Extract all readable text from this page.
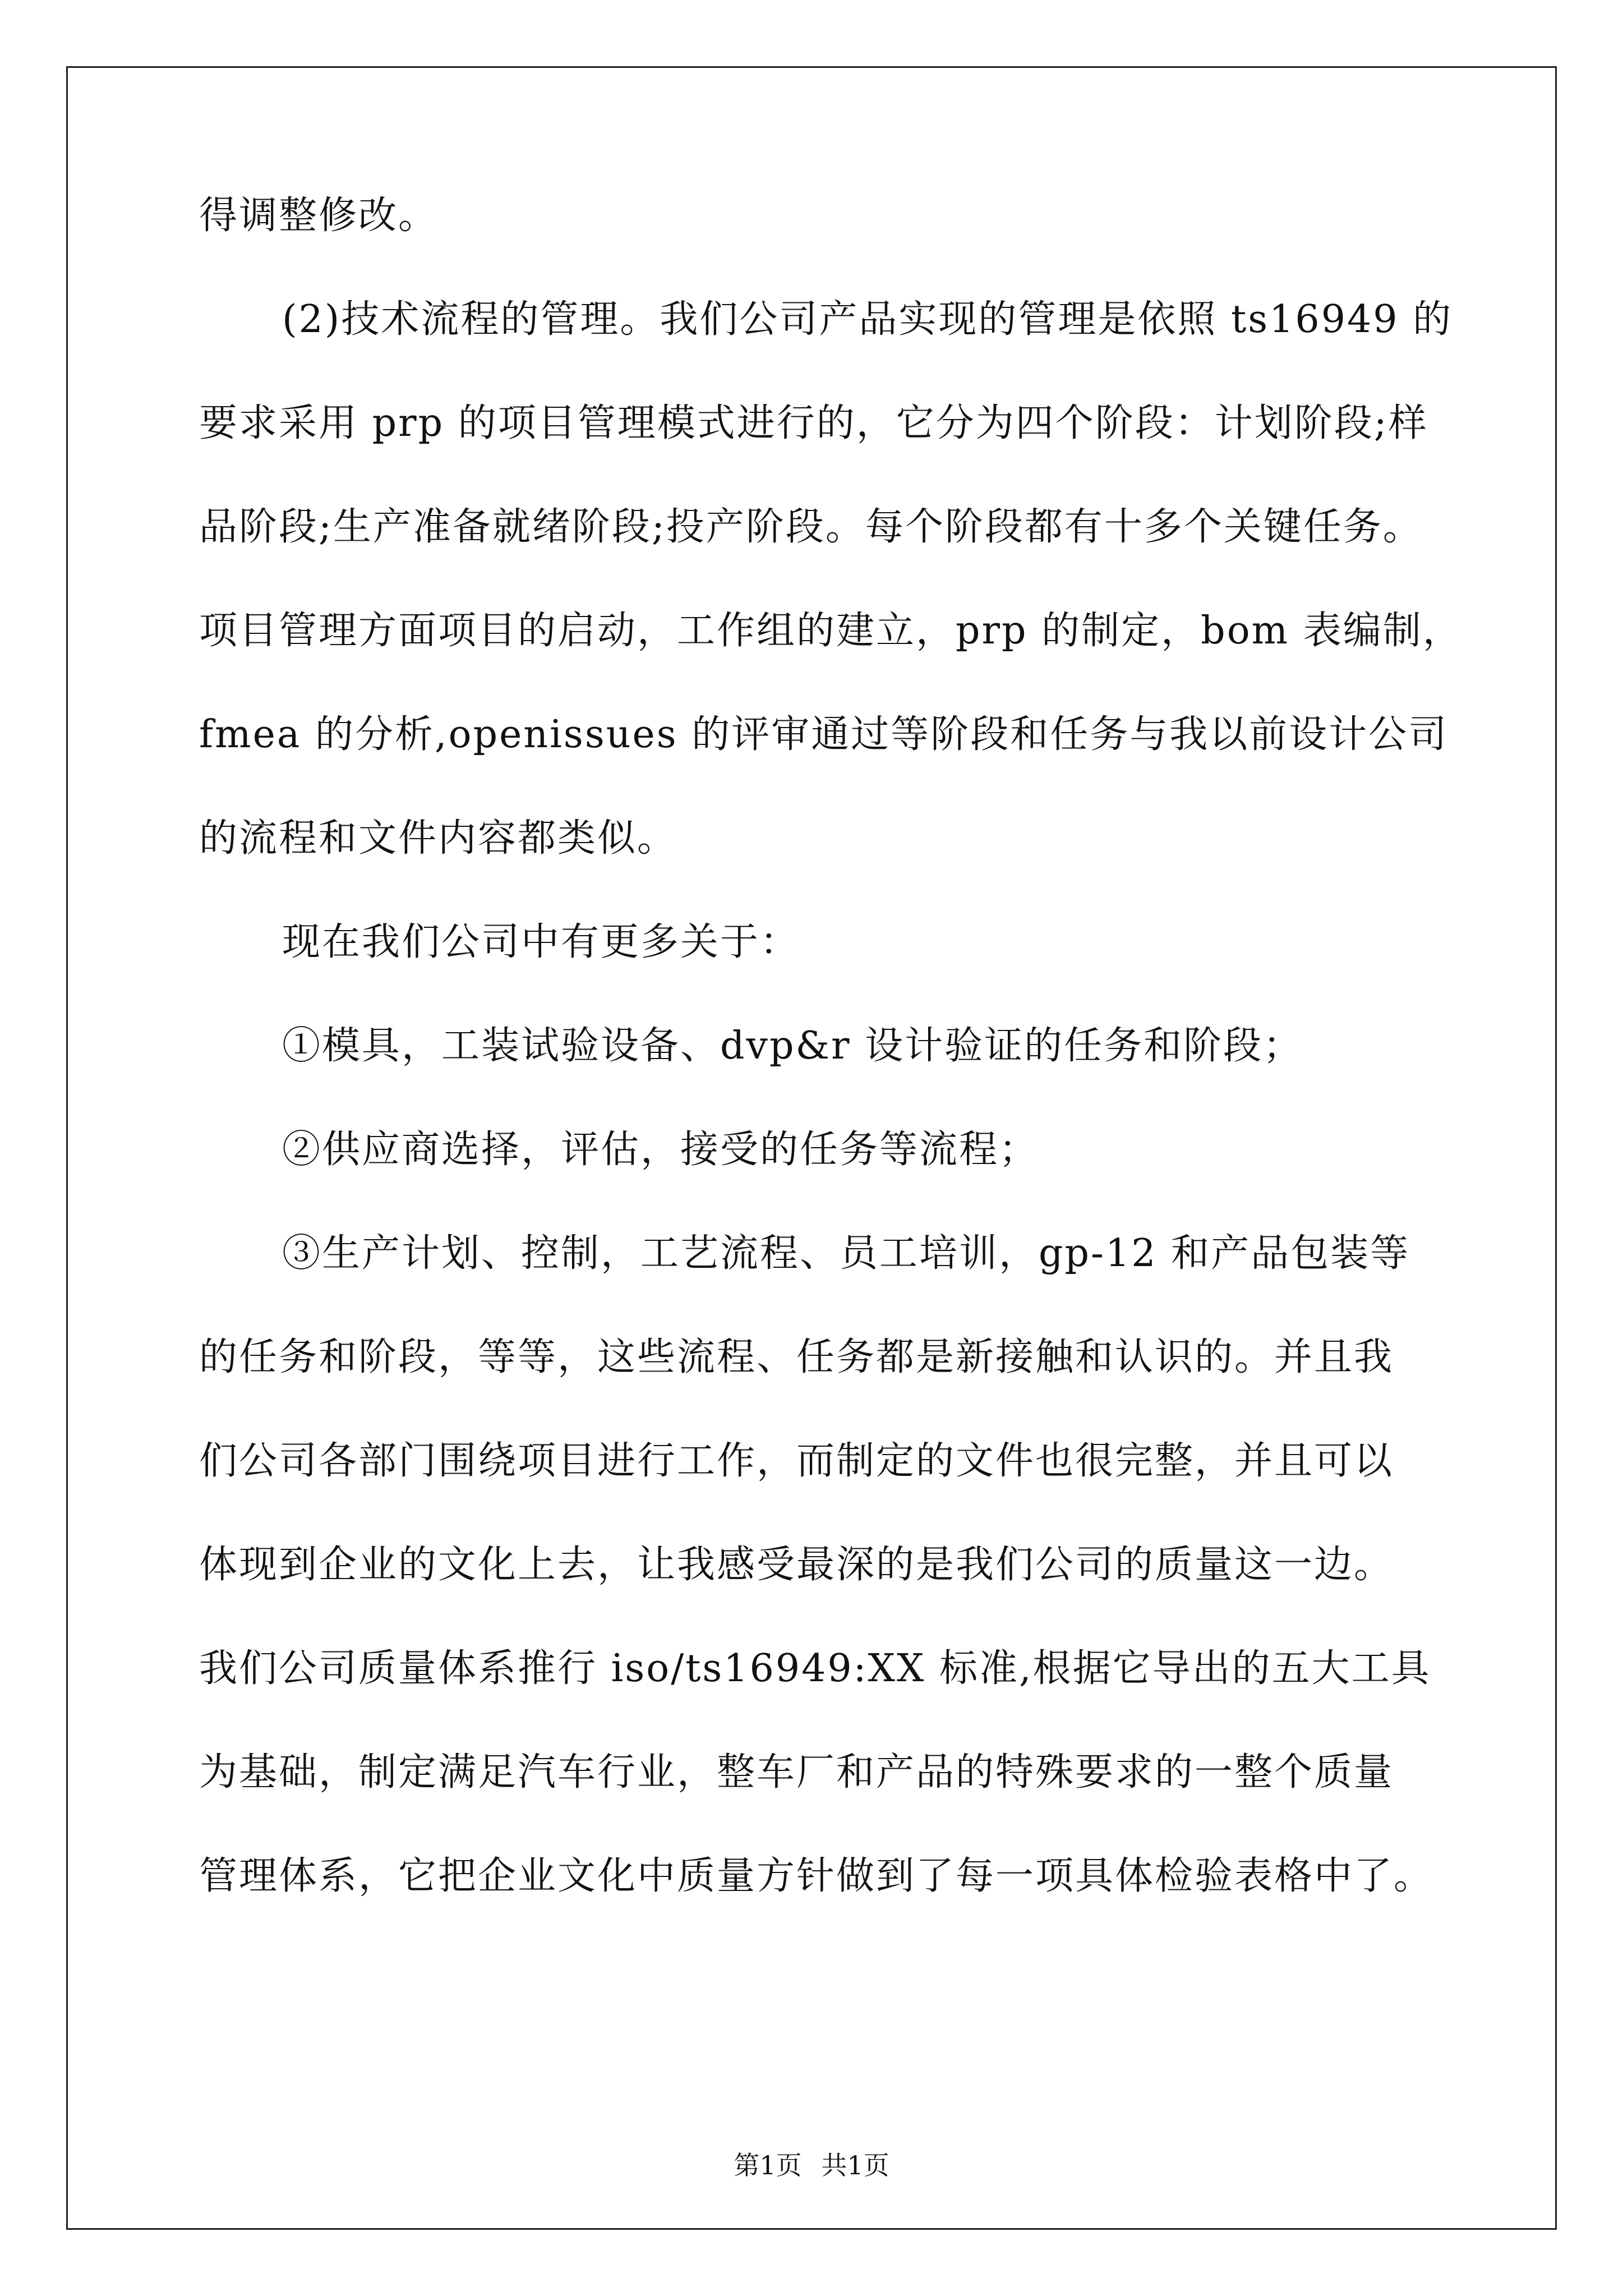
得调整修改。
(2)技术流程的管理。我们公司产品实现的管理是依照 ts16949 的
要求采用 prp 的项目管理模式进行的，它分为四个阶段：计划阶段;样
品阶段;生产准备就绪阶段;投产阶段。每个阶段都有十多个关键任务。
项目管理方面项目的启动，工作组的建立，prp 的制定，bom 表编制，
fmea 的分析,openissues 的评审通过等阶段和任务与我以前设计公司
的流程和文件内容都类似。
现在我们公司中有更多关于：
①模具，工装试验设备、dvp&r 设计验证的任务和阶段；
②供应商选择，评估，接受的任务等流程；
③生产计划、控制，工艺流程、员工培训，gp-12 和产品包装等
的任务和阶段，等等，这些流程、任务都是新接触和认识的。并且我
们公司各部门围绕项目进行工作，而制定的文件也很完整，并且可以
体现到企业的文化上去，让我感受最深的是我们公司的质量这一边。
我们公司质量体系推行 iso/ts16949:XX 标准,根据它导出的五大工具
为基础，制定满足汽车行业，整车厂和产品的特殊要求的一整个质量
管理体系，它把企业文化中质量方针做到了每一项具体检验表格中了。
第1页 共1页
